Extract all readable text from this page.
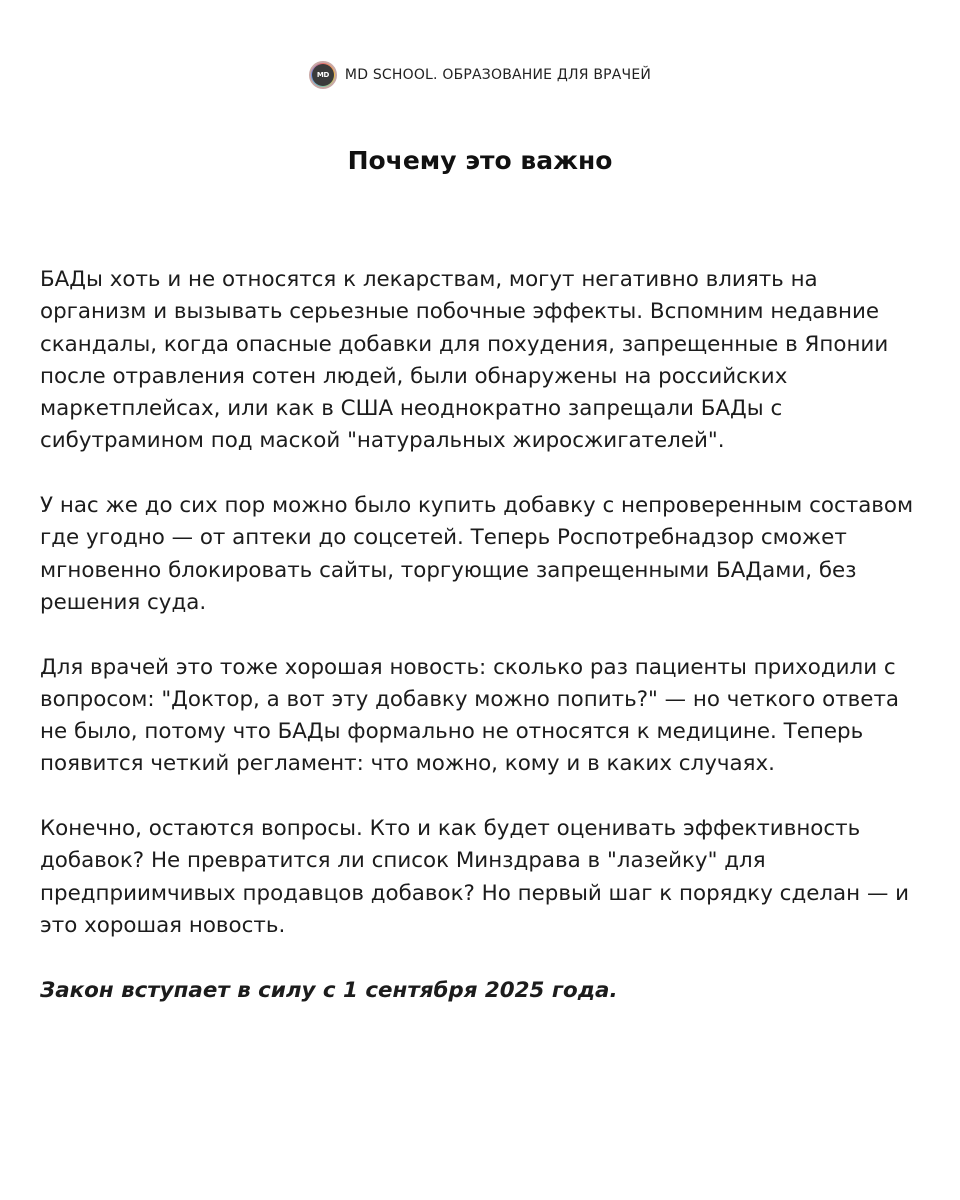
MD	MD SCHOOL. ОБРАЗОВАНИЕ ДЛЯ ВРАЧЕЙ
Почему это важно

БАДы хоть и не относятся к лекарствам, могут негативно влиять на организм и вызывать серьезные побочные эффекты. Вспомним недавние скандалы, когда опасные добавки для похудения, запрещенные в Японии после отравления сотен людей, были обнаружены на российских маркетплейсах, или как в США неоднократно запрещали БАДы с сибутрамином под маской "натуральных жиросжигателей".

У нас же до сих пор можно было купить добавку с непроверенным составом где угодно — от аптеки до соцсетей. Теперь Роспотребнадзор сможет мгновенно блокировать сайты, торгующие запрещенными БАДами, без решения суда.

Для врачей это тоже хорошая новость: сколько раз пациенты приходили с вопросом: "Доктор, а вот эту добавку можно попить?" — но четкого ответа не было, потому что БАДы формально не относятся к медицине. Теперь появится четкий регламент: что можно, кому и в каких случаях.

Конечно, остаются вопросы. Кто и как будет оценивать эффективность добавок? Не превратится ли список Минздрава в "лазейку" для предприимчивых продавцов добавок? Но первый шаг к порядку сделан — и это хорошая новость.

Закон вступает в силу с 1 сентября 2025 года.
